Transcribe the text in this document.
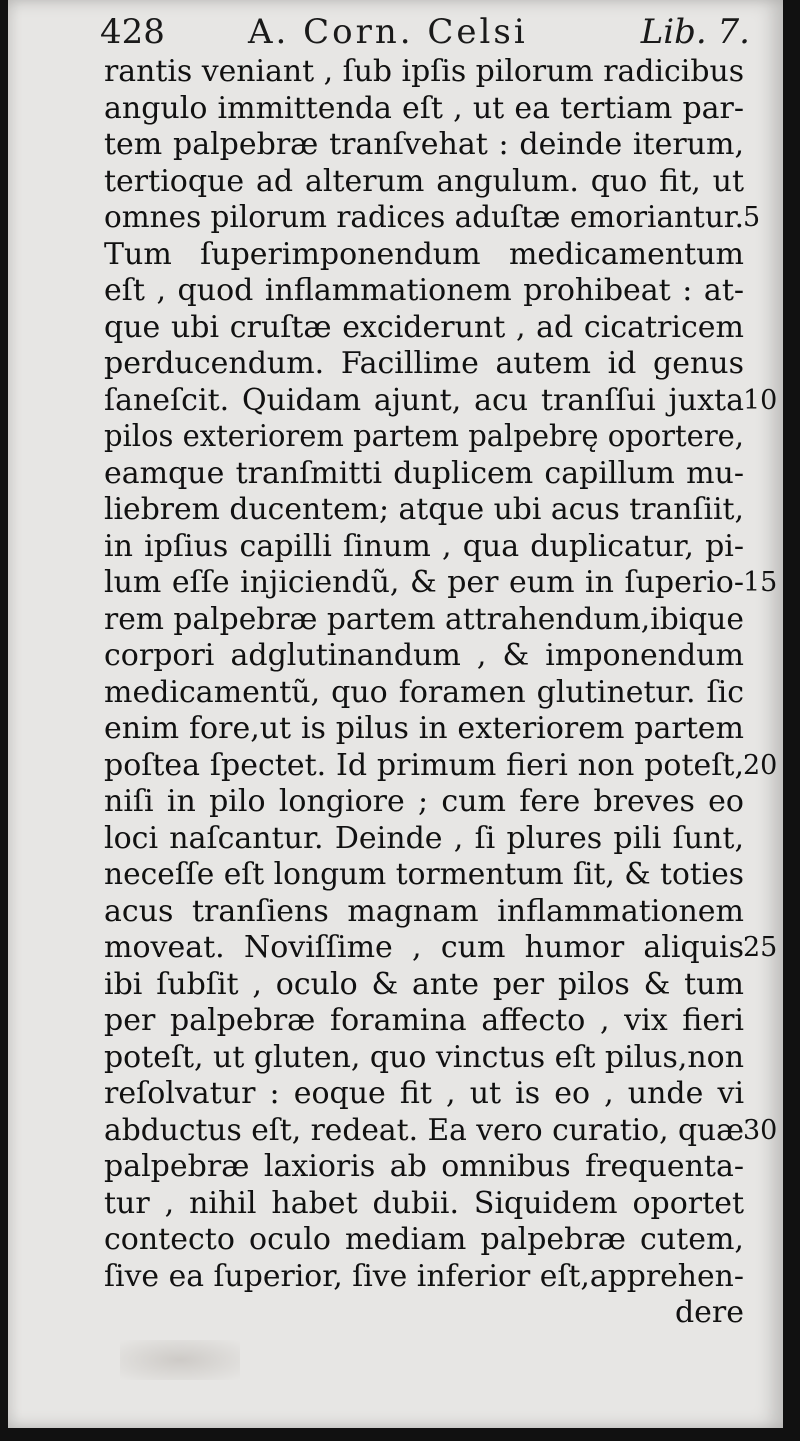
428 A. Corn. Celsi	Lib. 7.
rantis veniant , ſub ipſis pilorum radicibus
angulo immittenda eſt , ut ea tertiam par-
tem palpebræ tranſvehat : deinde iterum,
tertioque ad alterum angulum. quo fit, ut
omnes pilorum radices aduſtæ emoriantur.
Tum ſuperimponendum medicamentum
eſt , quod inflammationem prohibeat : at-
que ubi cruſtæ exciderunt , ad cicatricem
perducendum. Facillime autem id genus
ſaneſcit. Quidam ajunt, acu tranſſui juxta
pilos exteriorem partem palpebrę oportere,
eamque tranſmitti duplicem capillum mu-
liebrem ducentem; atque ubi acus tranſiit,
in ipſius capilli ſinum , qua duplicatur, pi-
lum eſſe injiciendũ, & per eum in ſuperio-
rem palpebræ partem attrahendum,ibique
corpori adglutinandum , & imponendum
medicamentũ, quo foramen glutinetur. ſic
enim fore,ut is pilus in exteriorem partem
poſtea ſpectet. Id primum fieri non poteſt,
niſi in pilo longiore ; cum fere breves eo
loci naſcantur. Deinde , ſi plures pili ſunt,
neceſſe eſt longum tormentum ſit, & toties
acus tranſiens magnam inflammationem
moveat. Noviſſime , cum humor aliquis
ibi ſubſit , oculo & ante per pilos & tum
per palpebræ foramina affecto , vix fieri
poteſt, ut gluten, quo vinctus eſt pilus,non
reſolvatur : eoque fit , ut is eo , unde vi
abductus eſt, redeat. Ea vero curatio, quæ
palpebræ laxioris ab omnibus frequenta-
tur , nihil habet dubii. Siquidem oportet
contecto oculo mediam palpebræ cutem,
ſive ea ſuperior, ſive inferior eſt,apprehen-
dere
5
10
15
20
25
30
